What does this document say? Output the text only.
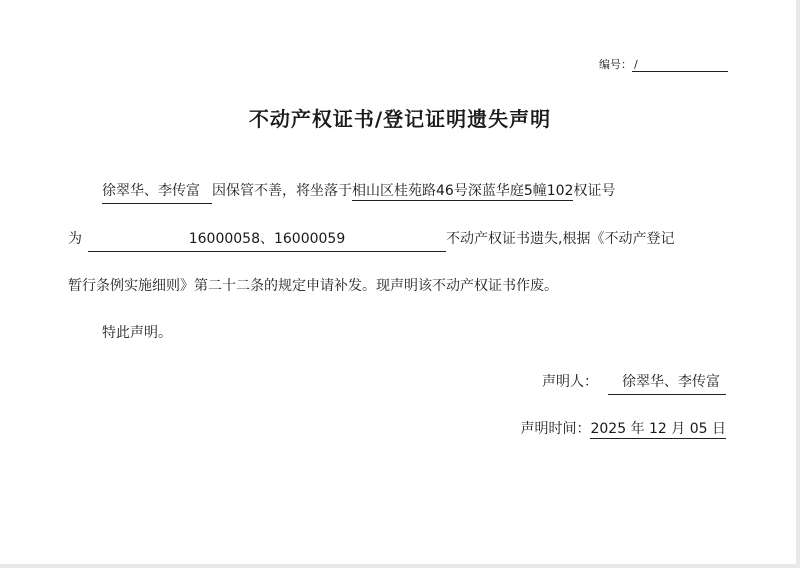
编号： /
不动产权证书/登记证明遗失声明
徐翠华、李传富 因保管不善，将坐落于相山区桂苑路46号深蓝华庭5幢102权证号
为	16000058、16000059	不动产权证书遗失,根据《不动产登记
暂行条例实施细则》第二十二条的规定申请补发。现声明该不动产权证书作废。
特此声明。
声明人： 徐翠华、李传富
声明时间：2025 年 12 月 05 日
